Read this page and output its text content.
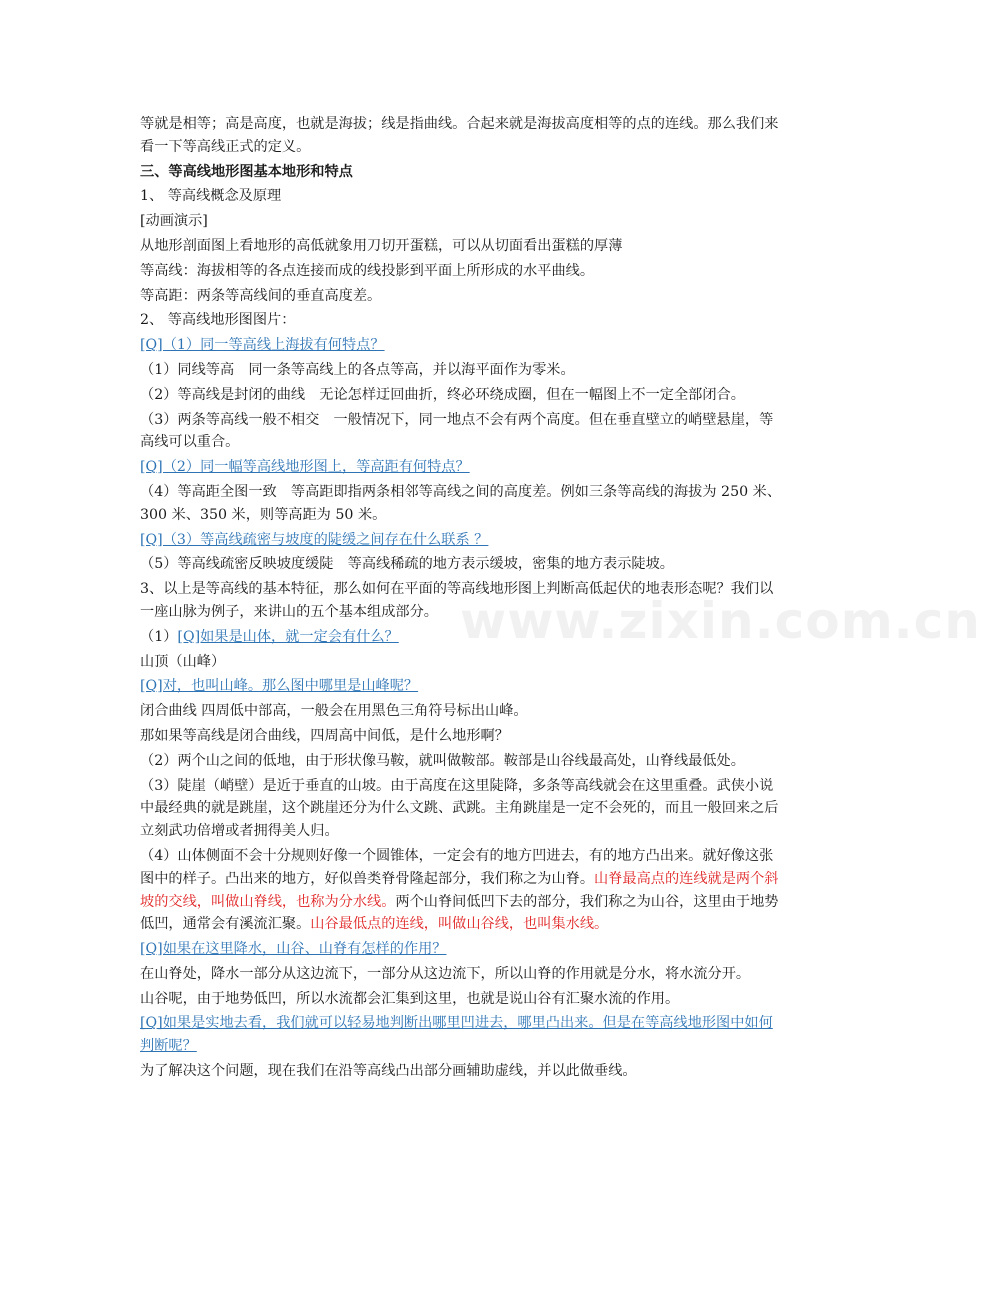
www.zixin.com.cn

等就是相等；高是高度，也就是海拔；线是指曲线。合起来就是海拔高度相等的点的连线。那么我们来看一下等高线正式的定义。

三、等高线地形图基本地形和特点

1、 等高线概念及原理

[动画演示]

从地形剖面图上看地形的高低就象用刀切开蛋糕，可以从切面看出蛋糕的厚薄

等高线：海拔相等的各点连接而成的线投影到平面上所形成的水平曲线。

等高距：两条等高线间的垂直高度差。

2、 等高线地形图图片：

[Q]（1）同一等高线上海拔有何特点？

（1）同线等高　同一条等高线上的各点等高，并以海平面作为零米。

（2）等高线是封闭的曲线　无论怎样迂回曲折，终必环绕成圈，但在一幅图上不一定全部闭合。

（3）两条等高线一般不相交　一般情况下，同一地点不会有两个高度。但在垂直壁立的峭壁悬崖，等高线可以重合。

[Q]（2）同一幅等高线地形图上，等高距有何特点？

（4）等高距全图一致　等高距即指两条相邻等高线之间的高度差。例如三条等高线的海拔为 250 米、300 米、350 米，则等高距为 50 米。

[Q]（3）等高线疏密与坡度的陡缓之间存在什么联系 ？

（5）等高线疏密反映坡度缓陡　等高线稀疏的地方表示缓坡，密集的地方表示陡坡。

3、以上是等高线的基本特征，那么如何在平面的等高线地形图上判断高低起伏的地表形态呢？我们以一座山脉为例子，来讲山的五个基本组成部分。

（1）[Q]如果是山体，就一定会有什么？

山顶（山峰）

[Q]对，也叫山峰。那么图中哪里是山峰呢？

闭合曲线 四周低中部高，一般会在用黑色三角符号标出山峰。

那如果等高线是闭合曲线，四周高中间低，是什么地形啊？

（2）两个山之间的低地，由于形状像马鞍，就叫做鞍部。鞍部是山谷线最高处，山脊线最低处。

（3）陡崖（峭壁）是近于垂直的山坡。由于高度在这里陡降，多条等高线就会在这里重叠。武侠小说中最经典的就是跳崖，这个跳崖还分为什么文跳、武跳。主角跳崖是一定不会死的，而且一般回来之后立刻武功倍增或者拥得美人归。

（4）山体侧面不会十分规则好像一个圆锥体，一定会有的地方凹进去，有的地方凸出来。就好像这张图中的样子。凸出来的地方，好似兽类脊骨隆起部分，我们称之为山脊。山脊最高点的连线就是两个斜坡的交线，叫做山脊线，也称为分水线。两个山脊间低凹下去的部分，我们称之为山谷，这里由于地势低凹，通常会有溪流汇聚。山谷最低点的连线，叫做山谷线，也叫集水线。

[Q]如果在这里降水，山谷、山脊有怎样的作用？

在山脊处，降水一部分从这边流下，一部分从这边流下，所以山脊的作用就是分水，将水流分开。

山谷呢，由于地势低凹，所以水流都会汇集到这里，也就是说山谷有汇聚水流的作用。

[Q]如果是实地去看，我们就可以轻易地判断出哪里凹进去，哪里凸出来。但是在等高线地形图中如何判断呢？

为了解决这个问题，现在我们在沿等高线凸出部分画辅助虚线，并以此做垂线。
